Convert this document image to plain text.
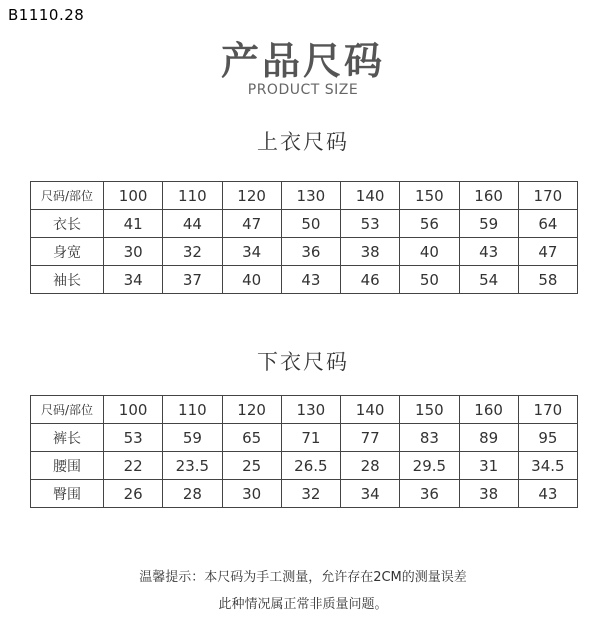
B1110.28
产品尺码
PRODUCT SIZE
上衣尺码
尺码/部位	100	110	120	130	140	150	160	170
衣长	41	44	47	50	53	56	59	64
身宽	30	32	34	36	38	40	43	47
袖长	34	37	40	43	46	50	54	58
下衣尺码
尺码/部位	100	110	120	130	140	150	160	170
裤长	53	59	65	71	77	83	89	95
腰围	22	23.5	25	26.5	28	29.5	31	34.5
臀围	26	28	30	32	34	36	38	43
温馨提示：本尺码为手工测量，允许存在2CM的测量误差
此种情况属正常非质量问题。
